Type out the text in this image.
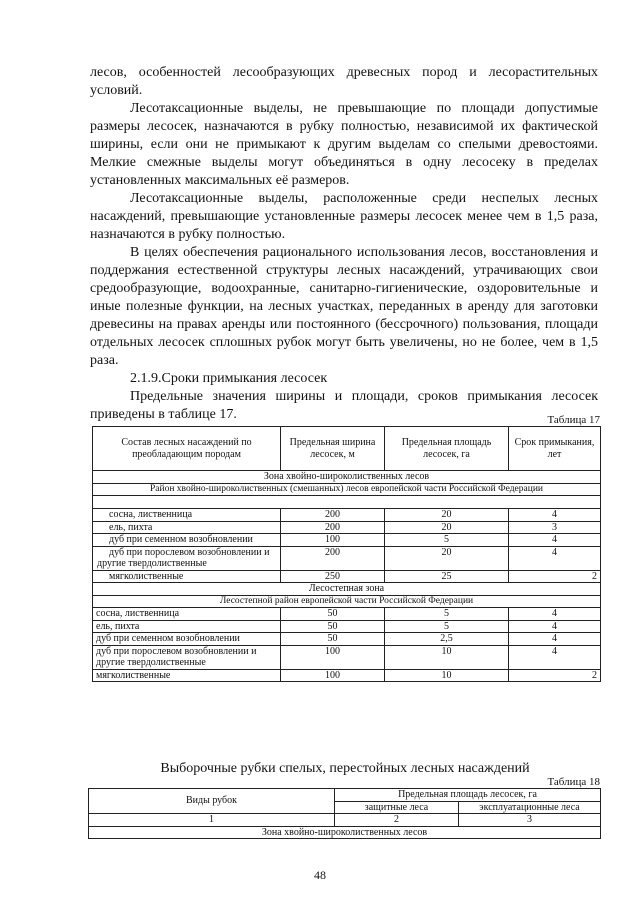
лесов, особенностей лесообразующих древесных пород и лесорастительных условий.

Лесотаксационные выделы, не превышающие по площади допустимые размеры лесосек, назначаются в рубку полностью, независимой их фактической ширины, если они не примыкают к другим выделам со спелыми древостоями. Мелкие смежные выделы могут объединяться в одну лесосеку в пределах установленных максимальных её размеров.

Лесотаксационные выделы, расположенные среди неспелых лесных насаждений, превышающие установленные размеры лесосек менее чем в 1,5 раза, назначаются в рубку полностью.

В целях обеспечения рационального использования лесов, восстановления и поддержания естественной структуры лесных насаждений, утрачивающих свои средообразующие, водоохранные, санитарно-гигиенические, оздоровительные и иные полезные функции, на лесных участках, переданных в аренду для заготовки древесины на правах аренды или постоянного (бессрочного) пользования, площади отдельных лесосек сплошных рубок могут быть увеличены, но не более, чем в 1,5 раза.

2.1.9.Сроки примыкания лесосек

Предельные значения ширины и площади, сроков примыкания лесосек приведены в таблице 17.	Таблица 17

Состав лесных насаждений по преобладающим породам	Предельная ширина лесосек, м	Предельная площадь лесосек, га	Срок примыкания, лет
Зона хвойно-широколиственных лесов			
Район хвойно-широколиственных (смешанных) лесов европейской части Российской Федерации			

сосна, лиственница	200	20	4
ель, пихта	200	20	3
дуб при семенном возобновлении	100	5	4
дуб при порослевом возобновлении и другие твердолиственные	200	20	4
мягколиственные	250	25	2
Лесостепная зона			
Лесостепной район европейской части Российской Федерации			
сосна, лиственница	50	5	4
ель, пихта	50	5	4
дуб при семенном возобновлении	50	2,5	4
дуб при порослевом возобновлении и другие твердолиственные	100	10	4
мягколиственные	100	10	2
Выборочные рубки спелых, перестойных лесных насаждений

Таблица 18

Виды рубок	Предельная площадь лесосек, га	
	защитные леса	эксплуатационные леса
1	2	3
Зона хвойно-широколиственных лесов		
48
